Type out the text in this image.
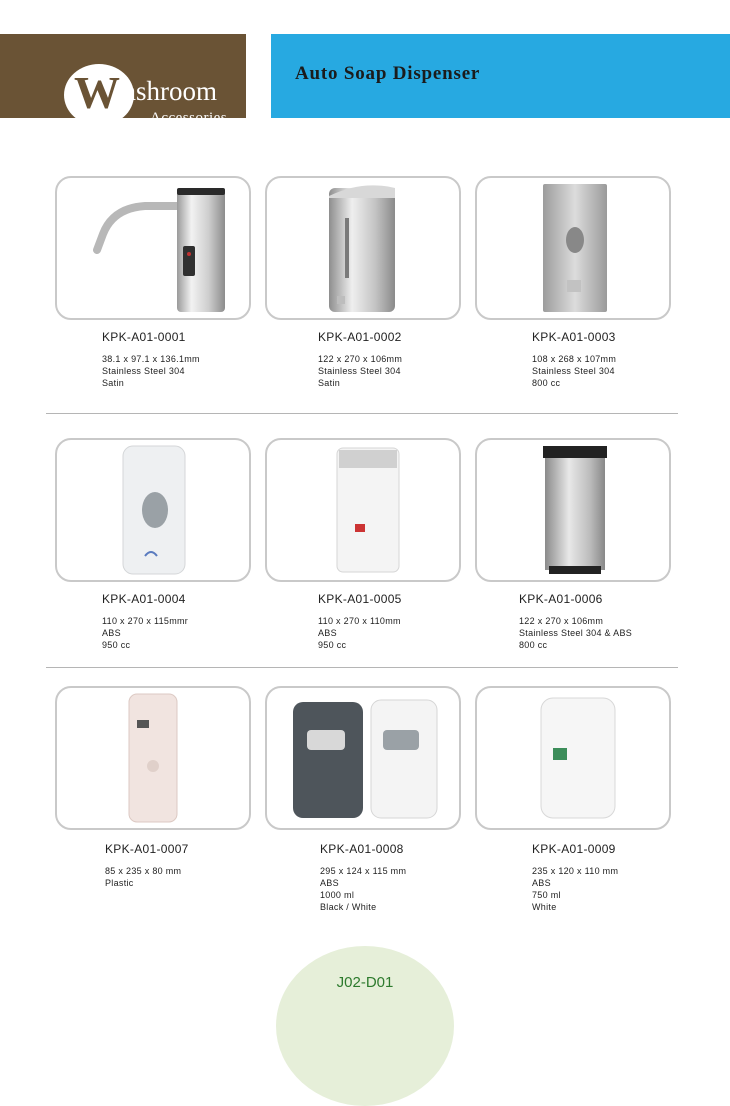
W ashroom
Accessories
Auto Soap Dispenser
KPK-A01-0001
38.1 x 97.1 x 136.1mm
Stainless Steel 304
Satin
KPK-A01-0002
122 x 270 x 106mm
Stainless Steel 304
Satin
KPK-A01-0003
108 x 268 x 107mm
Stainless Steel 304
800 cc
KPK-A01-0004
110 x 270 x 115mmr
ABS
950 cc
KPK-A01-0005
110 x 270 x 110mm
ABS
950 cc
KPK-A01-0006
122 x 270 x 106mm
Stainless Steel 304 & ABS
800 cc
KPK-A01-0007
85 x 235 x 80 mm
Plastic
KPK-A01-0008
295 x 124 x 115 mm
ABS
1000 ml
Black / White
KPK-A01-0009
235 x 120 x 110 mm
ABS
750 ml
White
J02-D01
